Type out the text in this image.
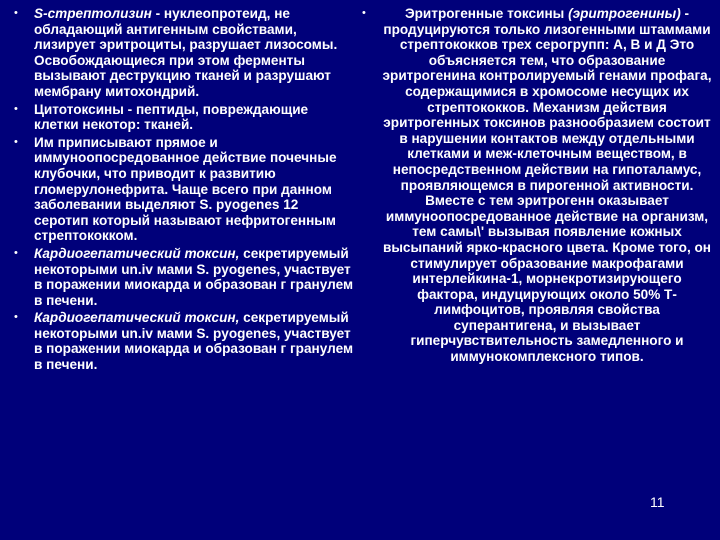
• S-стрептолизин - нуклеопротеид, не обладающий антигенным свойствами, лизирует эритроциты, разрушает лизосомы. Освобождающиеся при этом ферменты вызывают деструкцию тканей и разрушают мембрану митохондрий.
• Цитотоксины - пептиды, повреждающие клетки некотор: тканей.
• Им приписывают прямое и иммуноопосредованное действие почечные клубочки, что приводит к развитию гломерулонефрита. Чаще всего при данном заболевании выделяют S. pyogenes 12 серотип который называют нефритогенным стрептококком.
• Кардиогепатический токсин, секретируемый некоторыми un.iv мами S. pyogenes, участвует в поражении миокарда и образован г гранулем в печени.
• Кардиогепатический токсин, секретируемый некоторыми un.iv мами S. pyogenes, участвует в поражении миокарда и образован г гранулем в печени.
•	Эритрогенные токсины (эритрогенины) - продуцируются только лизогенными штаммами стрептококков трех серогрупп: А, В и Д Это объясняется тем, что образование эритрогенина контролируемый генами профага, содержащимися в хромосоме несущих их стрептококков. Механизм действия эритрогенных токсинов разнообразием состоит в нарушении контактов между отдельными клетками и меж-клеточным веществом, в непосредственном действии на гипоталамус, проявляющемся в пирогенной активности. Вместе с тем эритрогенн оказывает иммуноопосредованное действие на организм, тем самы\' вызывая появление кожных высыпаний ярко-красного цвета. Кроме того, он стимулирует образование макрофагами интерлейкина-1, морнекротизирующего фактора, индуцирующих около 50% Т-лимфоцитов, проявляя свойства суперантигена, и вызывает гиперчувствительность замедленного и иммунокомплексного типов.
11
